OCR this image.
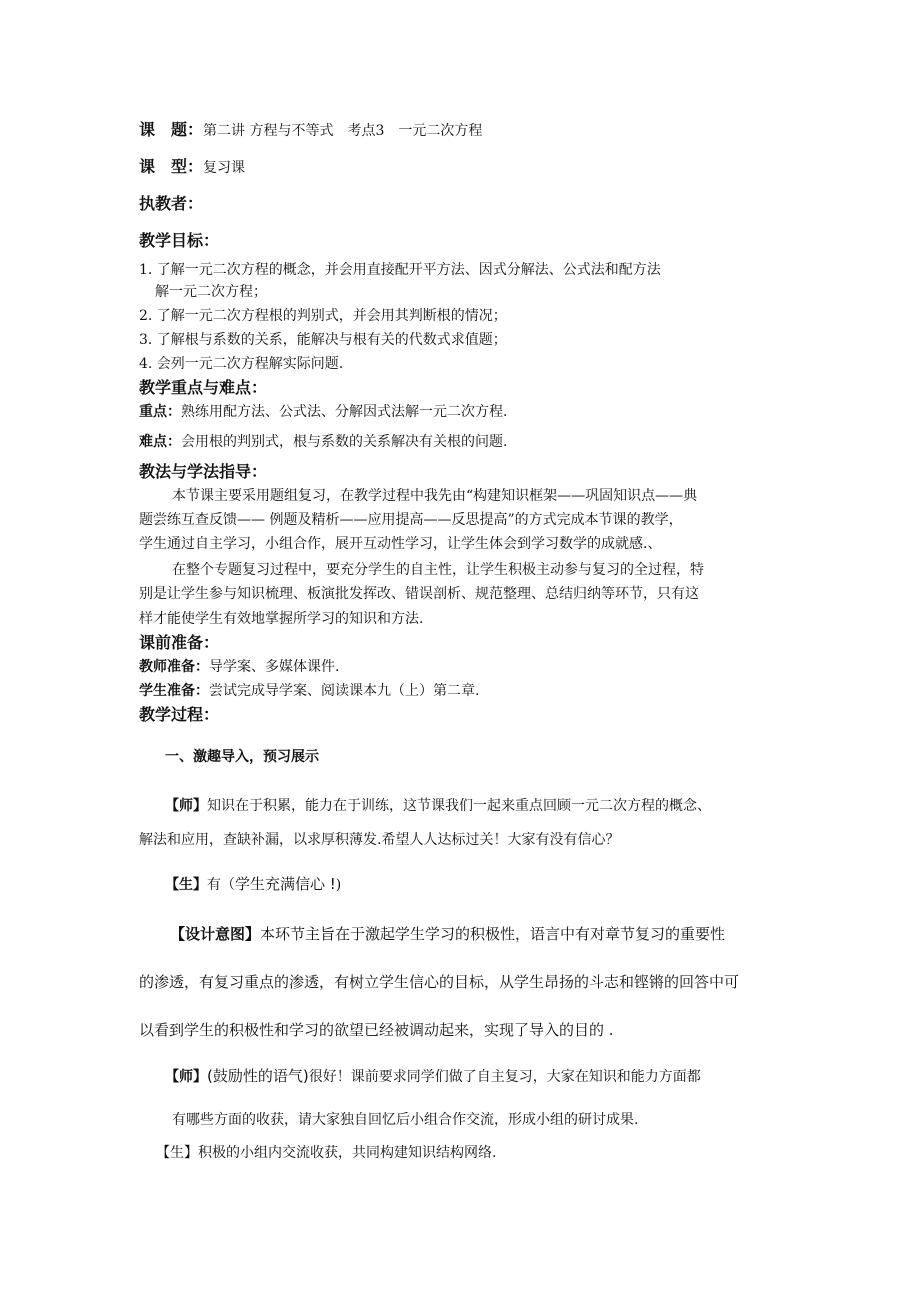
课　题：第二讲 方程与不等式　考点3　一元二次方程
课　型：复习课
执教者：
教学目标：
1. 了解一元二次方程的概念，并会用直接配开平方法、因式分解法、公式法和配方法
解一元二次方程；
2. 了解一元二次方程根的判别式，并会用其判断根的情况；
3. 了解根与系数的关系，能解决与根有关的代数式求值题；
4. 会列一元二次方程解实际问题.
教学重点与难点：
重点：熟练用配方法、公式法、分解因式法解一元二次方程.
难点：会用根的判别式，根与系数的关系解决有关根的问题.
教法与学法指导：
本节课主要采用题组复习，在教学过程中我先由“构建知识框架——巩固知识点——典
题尝练互查反馈—— 例题及精析——应用提高——反思提高”的方式完成本节课的教学，
学生通过自主学习，小组合作，展开互动性学习，让学生体会到学习数学的成就感.、
在整个专题复习过程中，要充分学生的自主性，让学生积极主动参与复习的全过程，特
别是让学生参与知识梳理、板演批发挥改、错误剖析、规范整理、总结归纳等环节，只有这
样才能使学生有效地掌握所学习的知识和方法.
课前准备：
教师准备：导学案、多媒体课件.
学生准备：尝试完成导学案、阅读课本九（上）第二章.
教学过程：
一、激趣导入，预习展示
【师】知识在于积累，能力在于训练，这节课我们一起来重点回顾一元二次方程的概念、
解法和应用，查缺补漏，以求厚积薄发.希望人人达标过关！大家有没有信心？
【生】有（学生充满信心 !)
【设计意图】本环节主旨在于激起学生学习的积极性，语言中有对章节复习的重要性
的渗透，有复习重点的渗透，有树立学生信心的目标，从学生昂扬的斗志和铿锵的回答中可
以看到学生的积极性和学习的欲望已经被调动起来，实现了导入的目的 .
【师】(鼓励性的语气)很好！课前要求同学们做了自主复习，大家在知识和能力方面都
有哪些方面的收获，请大家独自回忆后小组合作交流，形成小组的研讨成果.
【生】积极的小组内交流收获，共同构建知识结构网络.
